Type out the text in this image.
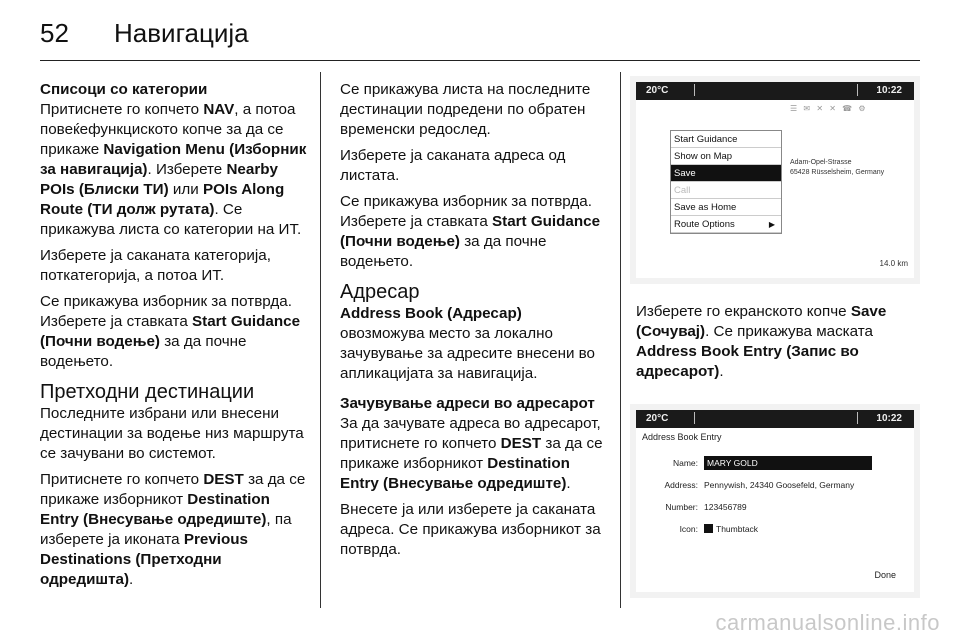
52 Навигација
Списоци со категории

Притиснете го копчето NAV, а потоа повеќефункциското копче за да се прикаже Navigation Menu (Изборник за навигација). Изберете Nearby POIs (Блиски ТИ) или POIs Along Route (ТИ долж рутата). Се прикажува листа со категории на ИТ.

Изберете ја саканата категорија, поткатегорија, а потоа ИТ.

Се прикажува изборник за потврда. Изберете ја ставката Start Guidance (Почни водење) за да почне водењето.

Претходни дестинации

Последните избрани или внесени дестинации за водење низ маршрута се зачувани во системот.

Притиснете го копчето DEST за да се прикаже изборникот Destination Entry (Внесување одредиште), па изберете ја иконата Previous Destinations (Претходни одредишта).

Се прикажува листа на последните дестинации подредени по обратен временски редослед.

Изберете ја саканата адреса од листата.

Се прикажува изборник за потврда. Изберете ја ставката Start Guidance (Почни водење) за да почне водењето.

Адресар
Address Book (Адресар)

овозможува место за локално зачувување за адресите внесени во апликацијата за навигација.

Зачувување адреси во адресарот

За да зачувате адреса во адресарот, притиснете го копчето DEST за да се прикаже изборникот Destination Entry (Внесување одредиште).

Внесете ја или изберете ја саканата адреса. Се прикажува изборникот за потврда.

20°C	10:22
☰ ✉ ✕ ✕ ☎ ⚙
Start Guidance
Show on Map
Save
Call
Save as Home
Route Options	▶
Adam-Opel-Strasse
65428 Rüsselsheim, Germany
14.0 km

Изберете го екранското копче Save (Сочувај). Се прикажува маската Address Book Entry (Запис во адресарот).

20°C	10:22
Address Book Entry
Name: MARY GOLD
Address: Pennywish, 24340 Goosefeld, Germany
Number: 123456789
Icon: Thumbtack
Done
carmanualsonline.info
